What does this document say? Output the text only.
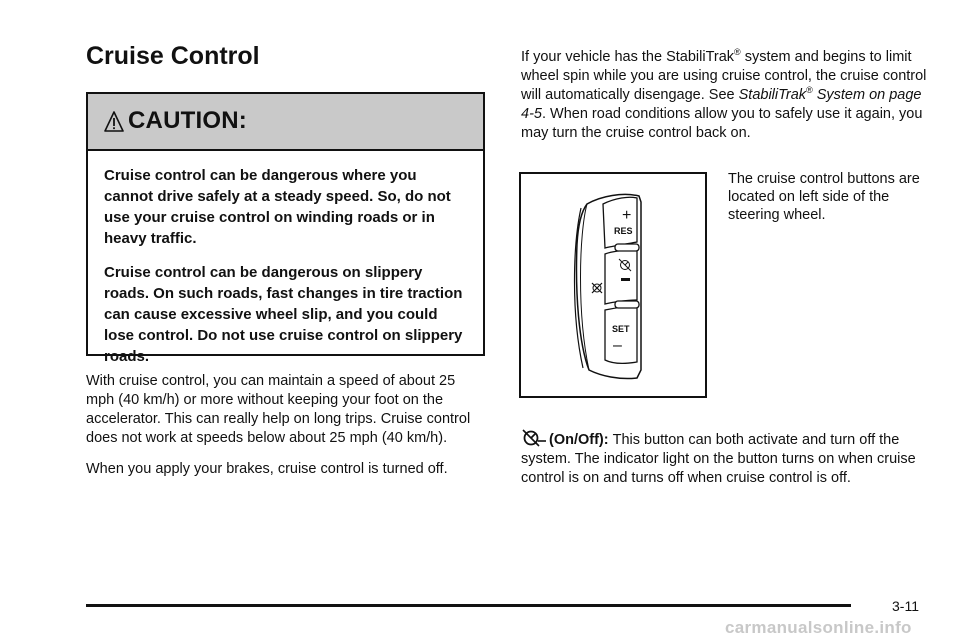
Cruise Control
CAUTION:

Cruise control can be dangerous where you cannot drive safely at a steady speed. So, do not use your cruise control on winding roads or in heavy traffic.

Cruise control can be dangerous on slippery roads. On such roads, fast changes in tire traction can cause excessive wheel slip, and you could lose control. Do not use cruise control on slippery roads.

With cruise control, you can maintain a speed of about 25 mph (40 km/h) or more without keeping your foot on the accelerator. This can really help on long trips. Cruise control does not work at speeds below about 25 mph (40 km/h).

When you apply your brakes, cruise control is turned off.

If your vehicle has the StabiliTrak® system and begins to limit wheel spin while you are using cruise control, the cruise control will automatically disengage. See StabiliTrak® System on page 4-5. When road conditions allow you to safely use it again, you may turn the cruise control back on.

+
RES
SET
–

The cruise control buttons are located on left side of the steering wheel.

(On/Off): This button can both activate and turn off the system. The indicator light on the button turns on when cruise control is on and turns off when cruise control is off.

3-11
carmanualsonline.info
